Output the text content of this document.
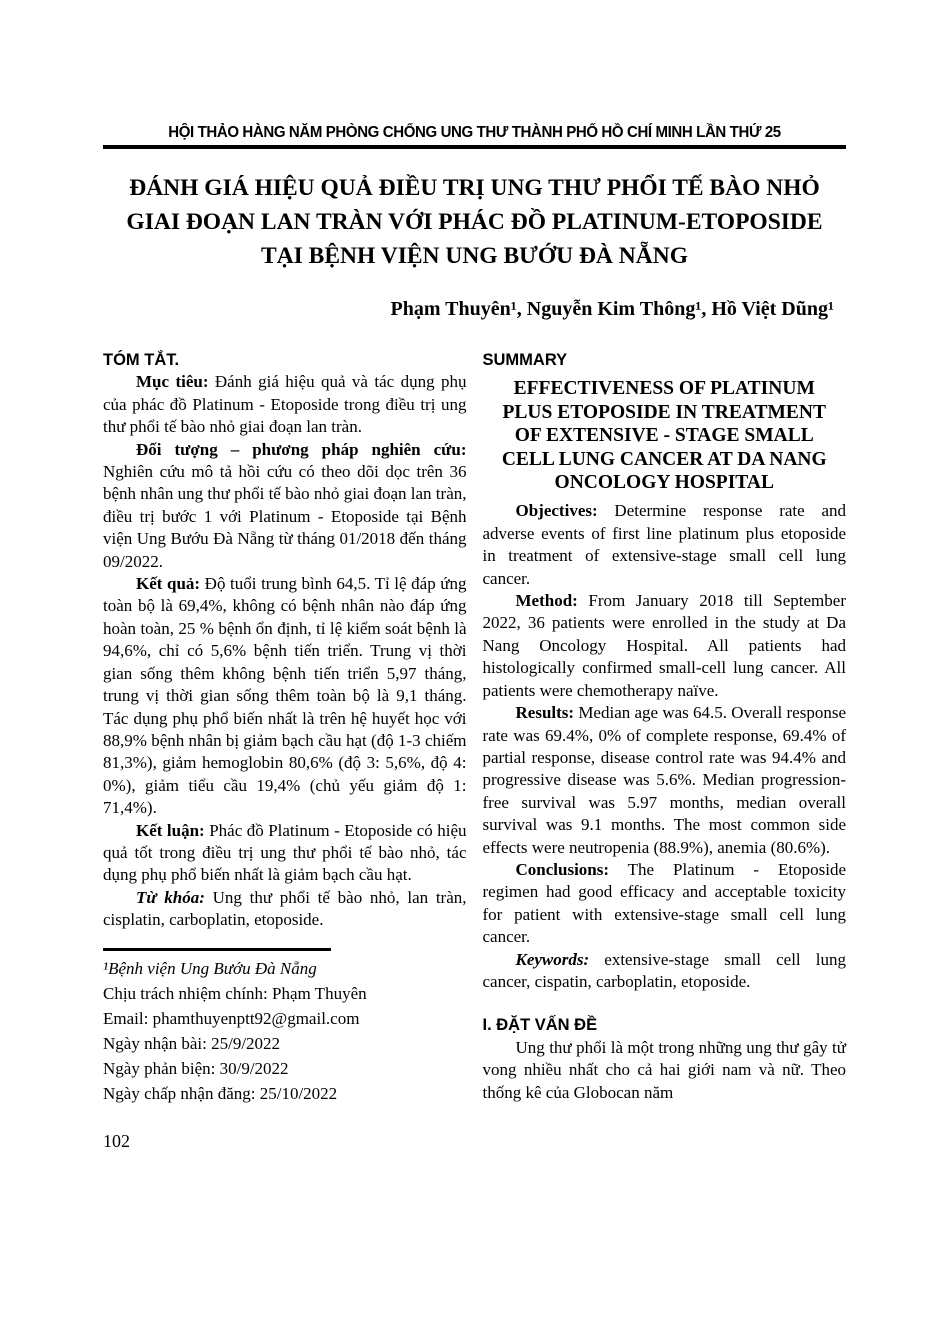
HỘI THẢO HÀNG NĂM PHÒNG CHỐNG UNG THƯ THÀNH PHỐ HỒ CHÍ MINH LẦN THỨ 25
ĐÁNH GIÁ HIỆU QUẢ ĐIỀU TRỊ UNG THƯ PHỔI TẾ BÀO NHỎ
GIAI ĐOẠN LAN TRÀN VỚI PHÁC ĐỒ PLATINUM-ETOPOSIDE
TẠI BỆNH VIỆN UNG BƯỚU ĐÀ NẴNG
Phạm Thuyên¹, Nguyễn Kim Thông¹, Hồ Việt Dũng¹

TÓM TẮT.

Mục tiêu: Đánh giá hiệu quả và tác dụng phụ của phác đồ Platinum - Etoposide trong điều trị ung thư phổi tế bào nhỏ giai đoạn lan tràn.

Đối tượng – phương pháp nghiên cứu: Nghiên cứu mô tả hồi cứu có theo dõi dọc trên 36 bệnh nhân ung thư phổi tế bào nhỏ giai đoạn lan tràn, điều trị bước 1 với Platinum - Etoposide tại Bệnh viện Ung Bướu Đà Nẵng từ tháng 01/2018 đến tháng 09/2022.

Kết quả: Độ tuổi trung bình 64,5. Tỉ lệ đáp ứng toàn bộ là 69,4%, không có bệnh nhân nào đáp ứng hoàn toàn, 25 % bệnh ổn định, tỉ lệ kiểm soát bệnh là 94,6%, chỉ có 5,6% bệnh tiến triển. Trung vị thời gian sống thêm không bệnh tiến triển 5,97 tháng, trung vị thời gian sống thêm toàn bộ là 9,1 tháng. Tác dụng phụ phổ biến nhất là trên hệ huyết học với 88,9% bệnh nhân bị giảm bạch cầu hạt (độ 1-3 chiếm 81,3%), giảm hemoglobin 80,6% (độ 3: 5,6%, độ 4: 0%), giảm tiểu cầu 19,4% (chủ yếu giảm độ 1: 71,4%).

Kết luận: Phác đồ Platinum - Etoposide có hiệu quả tốt trong điều trị ung thư phổi tế bào nhỏ, tác dụng phụ phổ biến nhất là giảm bạch cầu hạt.

Từ khóa: Ung thư phổi tế bào nhỏ, lan tràn, cisplatin, carboplatin, etoposide.

¹Bệnh viện Ung Bướu Đà Nẵng
Chịu trách nhiệm chính: Phạm Thuyên
Email: phamthuyenptt92@gmail.com
Ngày nhận bài: 25/9/2022
Ngày phản biện: 30/9/2022
Ngày chấp nhận đăng: 25/10/2022
102

SUMMARY

EFFECTIVENESS OF PLATINUM
PLUS ETOPOSIDE IN TREATMENT
OF EXTENSIVE - STAGE SMALL
CELL LUNG CANCER AT DA NANG
ONCOLOGY HOSPITAL

Objectives: Determine response rate and adverse events of first line platinum plus etoposide in treatment of extensive-stage small cell lung cancer.

Method: From January 2018 till September 2022, 36 patients were enrolled in the study at Da Nang Oncology Hospital. All patients had histologically confirmed small-cell lung cancer. All patients were chemotherapy naïve.

Results: Median age was 64.5. Overall response rate was 69.4%, 0% of complete response, 69.4% of partial response, disease control rate was 94.4% and progressive disease was 5.6%. Median progression-free survival was 5.97 months, median overall survival was 9.1 months. The most common side effects were neutropenia (88.9%), anemia (80.6%).

Conclusions: The Platinum - Etoposide regimen had good efficacy and acceptable toxicity for patient with extensive-stage small cell lung cancer.

Keywords: extensive-stage small cell lung cancer, cispatin, carboplatin, etoposide.

I. ĐẶT VẤN ĐỀ

Ung thư phổi là một trong những ung thư gây tử vong nhiều nhất cho cả hai giới nam và nữ. Theo thống kê của Globocan năm
